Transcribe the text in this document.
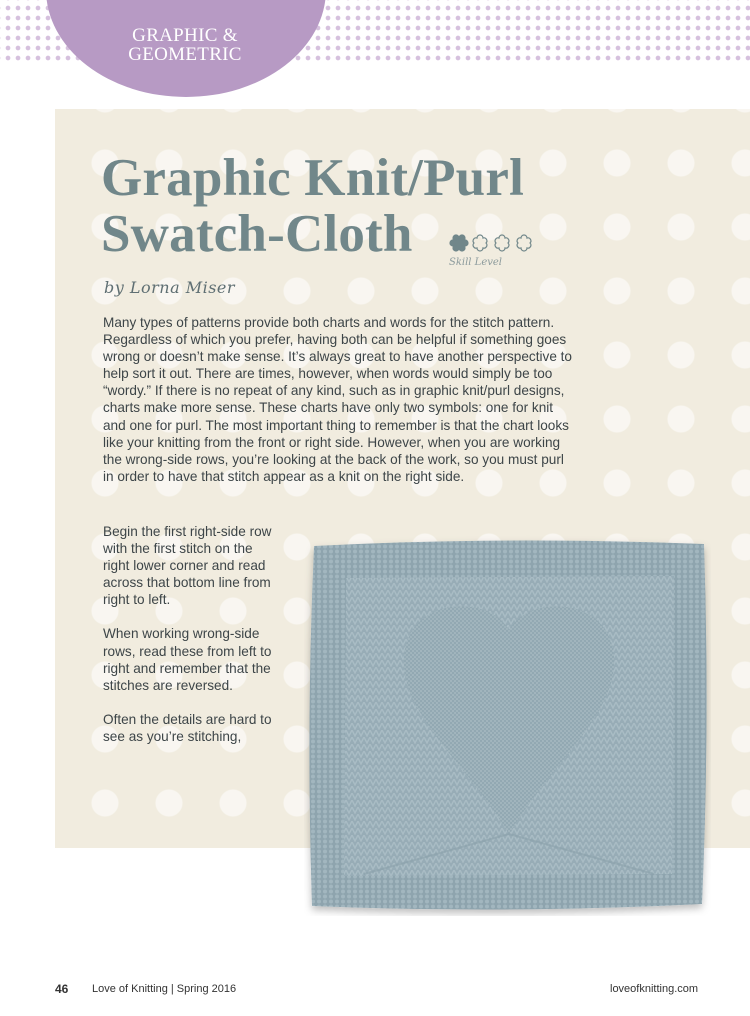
GRAPHIC &
GEOMETRIC
Graphic Knit/Purl
Swatch-Cloth	Skill Level
by Lorna Miser

Many types of patterns provide both charts and words for the stitch pattern. Regardless of which you prefer, having both can be helpful if something goes wrong or doesn’t make sense. It’s always great to have another perspective to help sort it out. There are times, however, when words would simply be too “wordy.” If there is no repeat of any kind, such as in graphic knit/purl designs, charts make more sense. These charts have only two symbols: one for knit and one for purl. The most important thing to remember is that the chart looks like your knitting from the front or right side. However, when you are working the wrong-side rows, you’re looking at the back of the work, so you must purl in order to have that stitch appear as a knit on the right side.

Begin the first right-side row with the first stitch on the right lower corner and read across that bottom line from right to left.

When working wrong-side rows, read these from left to right and remember that the stitches are reversed.

Often the details are hard to see as you’re stitching,

46 Love of Knitting | Spring 2016	loveofknitting.com
